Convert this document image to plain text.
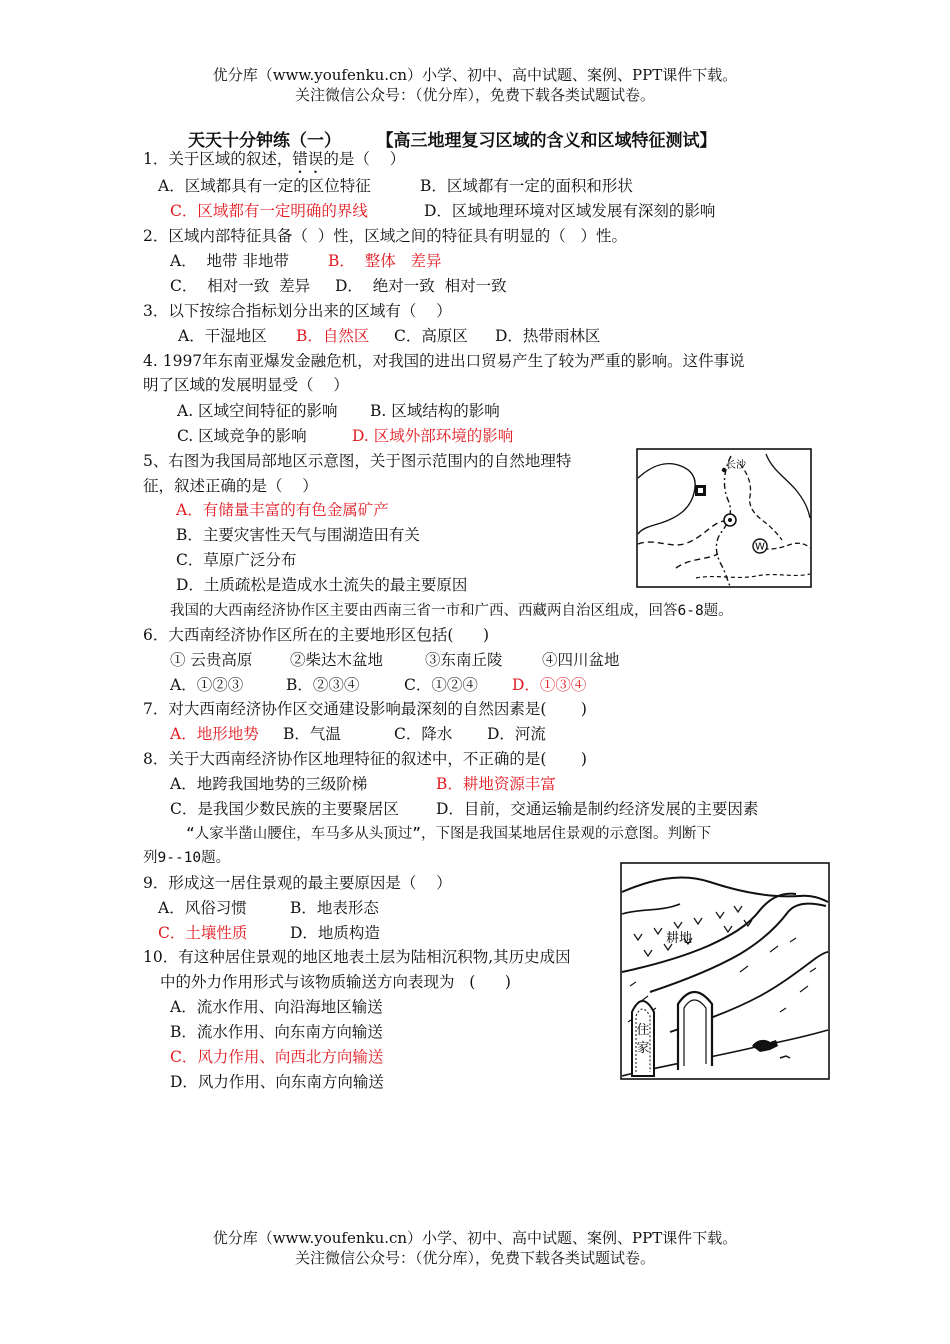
优分库（www.youfenku.cn）小学、初中、高中试题、案例、PPT课件下载。
关注微信公众号：（优分库），免费下载各类试题试卷。
天天十分钟练（一）      【高三地理复习区域的含义和区域特征测试】
1．关于区域的叙述，错误的是（    ）
A．区域都具有一定的区位特征	B．区域都有一定的面积和形状
C．区域都有一定明确的界线	D．区域地理环境对区域发展有深刻的影响
2．区域内部特征具备（  ）性，区域之间的特征具有明显的（   ）性。
A．  地带 非地带	B．  整体   差异
C．  相对一致  差异 D．  绝对一致  相对一致
3．以下按综合指标划分出来的区域有（    ）
A．干湿地区 B．自然区 C．高原区 D．热带雨林区
4. 1997年东南亚爆发金融危机，对我国的进出口贸易产生了较为严重的影响。这件事说
明了区域的发展明显受（    ）
A. 区域空间特征的影响 B. 区域结构的影响
C. 区域竞争的影响	D. 区域外部环境的影响
5、右图为我国局部地区示意图，关于图示范围内的自然地理特
征，叙述正确的是（    ）
A．有储量丰富的有色金属矿产
B．主要灾害性天气与围湖造田有关
C．草原广泛分布
D．土质疏松是造成水土流失的最主要原因
W
长沙
我国的大西南经济协作区主要由西南三省一市和广西、西藏两自治区组成，回答6-8题。
6．大西南经济协作区所在的主要地形区包括(      )
① 云贵高原 ②柴达木盆地	③东南丘陵	④四川盆地
A．①②③	B．②③④	C．①②④ D．①③④
7．对大西南经济协作区交通建设影响最深刻的自然因素是(       )
A．地形地势 B．气温	C．降水 D．河流
8．关于大西南经济协作区地理特征的叙述中，不正确的是(       )
A．地跨我国地势的三级阶梯	B．耕地资源丰富
C．是我国少数民族的主要聚居区 D．目前，交通运输是制约经济发展的主要因素
“人家半凿山腰住，车马多从头顶过”，下图是我国某地居住景观的示意图。判断下
列9--10题。
9．形成这一居住景观的最主要原因是（    ）
A．风俗习惯	B．地表形态
C．土壤性质	D．地质构造	耕地
住
家
10．有这种居住景观的地区地表土层为陆相沉积物,其历史成因
中的外力作用形式与该物质输送方向表现为   (      )
A．流水作用、向沿海地区输送
B．流水作用、向东南方向输送
C．风力作用、向西北方向输送
D．风力作用、向东南方向输送
优分库（www.youfenku.cn）小学、初中、高中试题、案例、PPT课件下载。
关注微信公众号：（优分库），免费下载各类试题试卷。
